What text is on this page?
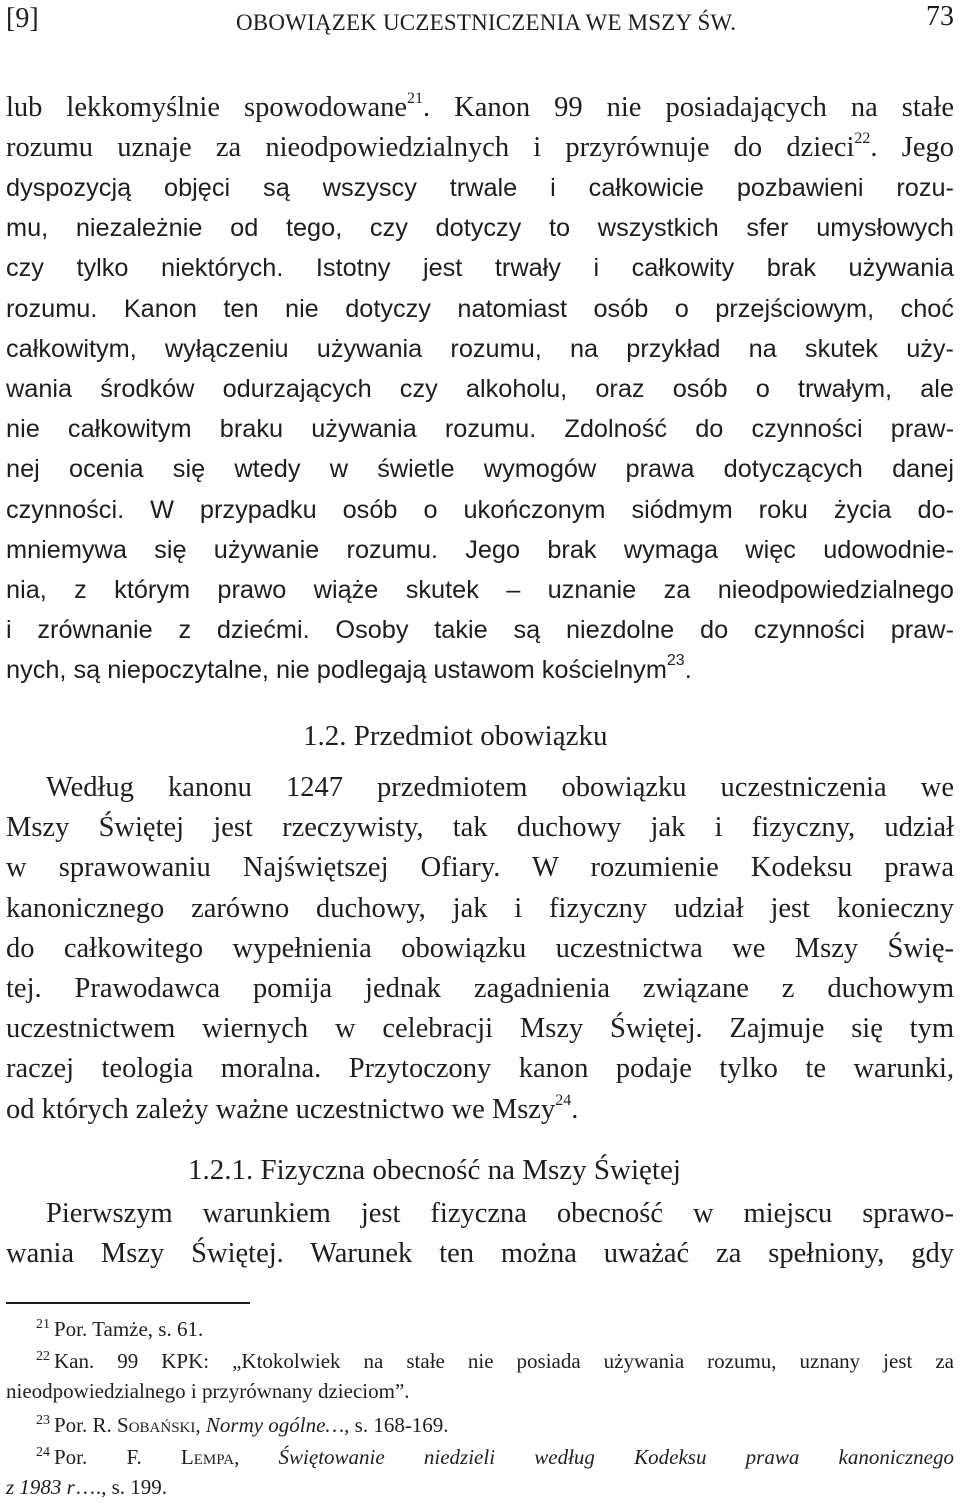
[9]	OBOWIĄZEK UCZESTNICZENIA WE MSZY ŚW.	73
lub lekkomyślnie spowodowane$^{21}$. Kanon 99 nie posiadających na stałe
rozumu uznaje za nieodpowiedzialnych i przyrównuje do dzieci$^{22}$. Jego
dyspozycją objęci są wszyscy trwale i całkowicie pozbawieni rozu-
mu, niezależnie od tego, czy dotyczy to wszystkich sfer umysłowych
czy tylko niektórych. Istotny jest trwały i całkowity brak używania
rozumu. Kanon ten nie dotyczy natomiast osób o przejściowym, choć
całkowitym, wyłączeniu używania rozumu, na przykład na skutek uży-
wania środków odurzających czy alkoholu, oraz osób o trwałym, ale
nie całkowitym braku używania rozumu. Zdolność do czynności praw-
nej ocenia się wtedy w świetle wymogów prawa dotyczących danej
czynności. W przypadku osób o ukończonym siódmym roku życia do-
mniemywa się używanie rozumu. Jego brak wymaga więc udowodnie-
nia, z którym prawo wiąże skutek – uznanie za nieodpowiedzialnego
i zrównanie z dziećmi. Osoby takie są niezdolne do czynności praw-
nych, są niepoczytalne, nie podlegają ustawom kościelnym$^{23}$.
1.2. Przedmiot obowiązku
Według kanonu 1247 przedmiotem obowiązku uczestniczenia we
Mszy Świętej jest rzeczywisty, tak duchowy jak i fizyczny, udział
w sprawowaniu Najświętszej Ofiary. W rozumienie Kodeksu prawa
kanonicznego zarówno duchowy, jak i fizyczny udział jest konieczny
do całkowitego wypełnienia obowiązku uczestnictwa we Mszy Świę-
tej. Prawodawca pomija jednak zagadnienia związane z duchowym
uczestnictwem wiernych w celebracji Mszy Świętej. Zajmuje się tym
raczej teologia moralna. Przytoczony kanon podaje tylko te warunki,
od których zależy ważne uczestnictwo we Mszy$^{24}$.
1.2.1. Fizyczna obecność na Mszy Świętej
Pierwszym warunkiem jest fizyczna obecność w miejscu sprawo-
wania Mszy Świętej. Warunek ten można uważać za spełniony, gdy
$^{21}$ Por. Tamże, s. 61.
$^{22}$ Kan. 99 KPK: „Ktokolwiek na stałe nie posiada używania rozumu, uznany jest za
nieodpowiedzialnego i przyrównany dzieciom”.
$^{23}$ Por. R. Sobański, Normy ogólne…, s. 168-169.
$^{24}$ Por. F. Lempa, Świętowanie niedzieli według Kodeksu prawa kanonicznego
z 1983 r…., s. 199.
